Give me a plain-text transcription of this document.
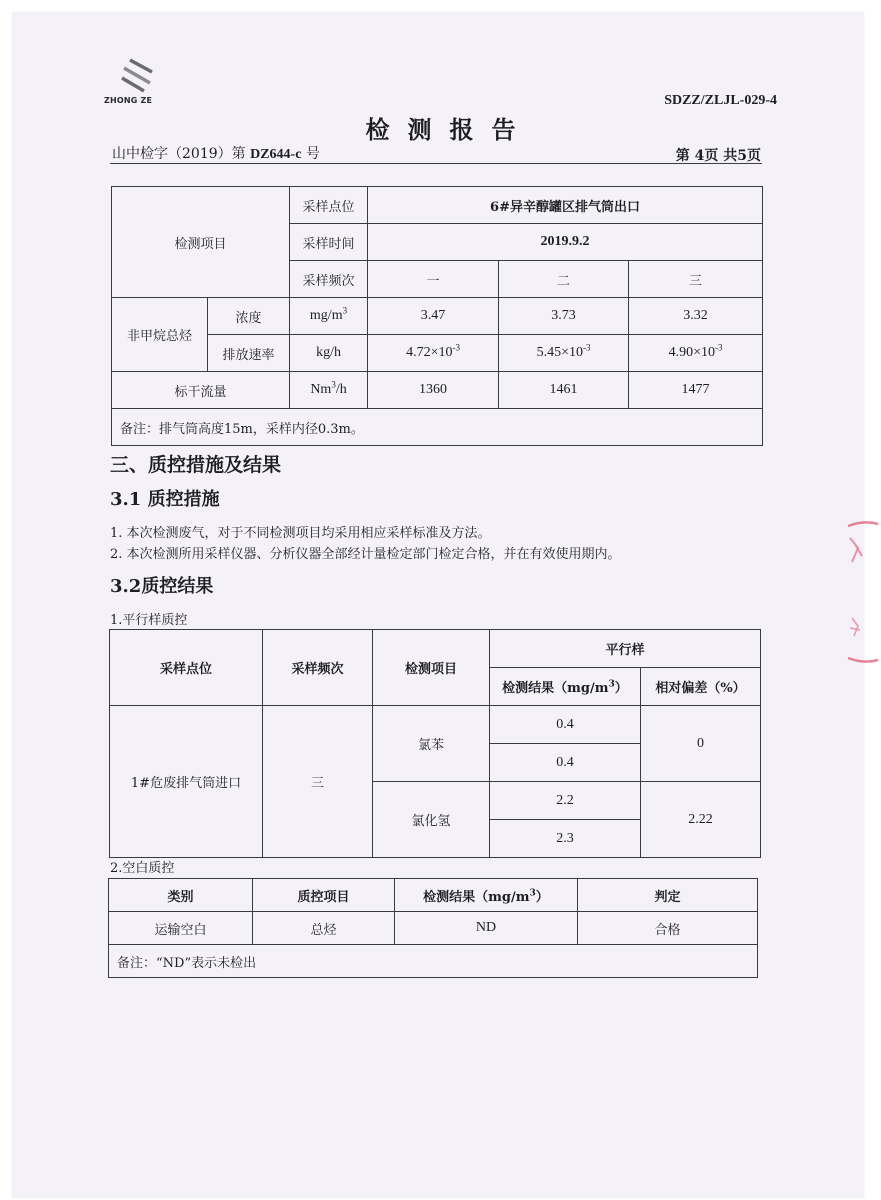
ZHONG ZE	SDZZ/ZLJL-029-4
检测报告
山中检字（2019）第 DZ644-c 号	第 4页 共5页
检测项目		采样点位	6#异辛醇罐区排气筒出口		
		采样时间	2019.9.2		
		采样频次	一	二	三
非甲烷总烃	浓度	$mg/m^3$	3.47	3.73	3.32
	排放速率	kg/h	$4.72\times 10^{-3}$	$5.45\times 10^{-3}$	$4.90\times 10^{-3}$
标干流量		Nm$^3$/h	1360	1461	1477
备注：排气筒高度15m，采样内径0.3m。					
三、质控措施及结果
3.1 质控措施
1. 本次检测废气，对于不同检测项目均采用相应采样标准及方法。
2. 本次检测所用采样仪器、分析仪器全部经计量检定部门检定合格，并在有效使用期内。
3.2质控结果
1.平行样质控
采样点位	采样频次	检测项目	平行样	
			检测结果$(mg/m^3)$	相对偏差（%）
1#危废排气筒进口	三	氯苯	0.4	0
			0.4	
		氯化氢	2.2	2.22
			2.3	
2.空白质控
类别	质控项目	检测结果$(mg/m^3)$	判定
运输空白	总烃	ND	合格
备注：“ND”表示未检出			
